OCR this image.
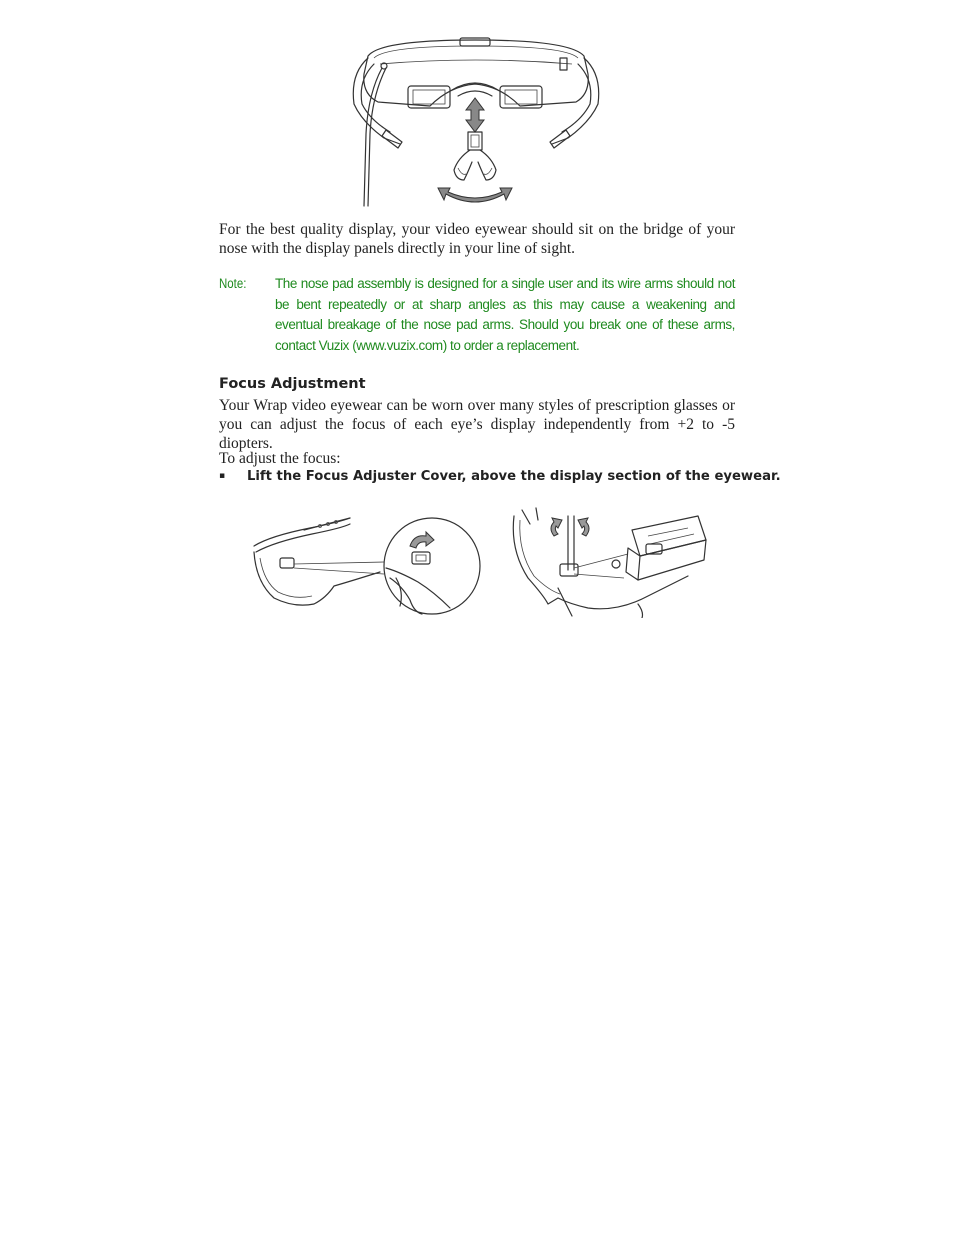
For the best quality display, your video eyewear should sit on the bridge of your nose with the display panels directly in your line of sight.

Note: The nose pad assembly is designed for a single user and its wire arms should not be bent repeatedly or at sharp angles as this may cause a weakening and eventual breakage of the nose pad arms. Should you break one of these arms, contact Vuzix (www.vuzix.com) to order a replacement.

Focus Adjustment

Your Wrap video eyewear can be worn over many styles of prescription glasses or you can adjust the focus of each eye’s display independently from +2 to -5 diopters.

To adjust the focus:

▪ Lift the Focus Adjuster Cover, above the display section of the eyewear.
